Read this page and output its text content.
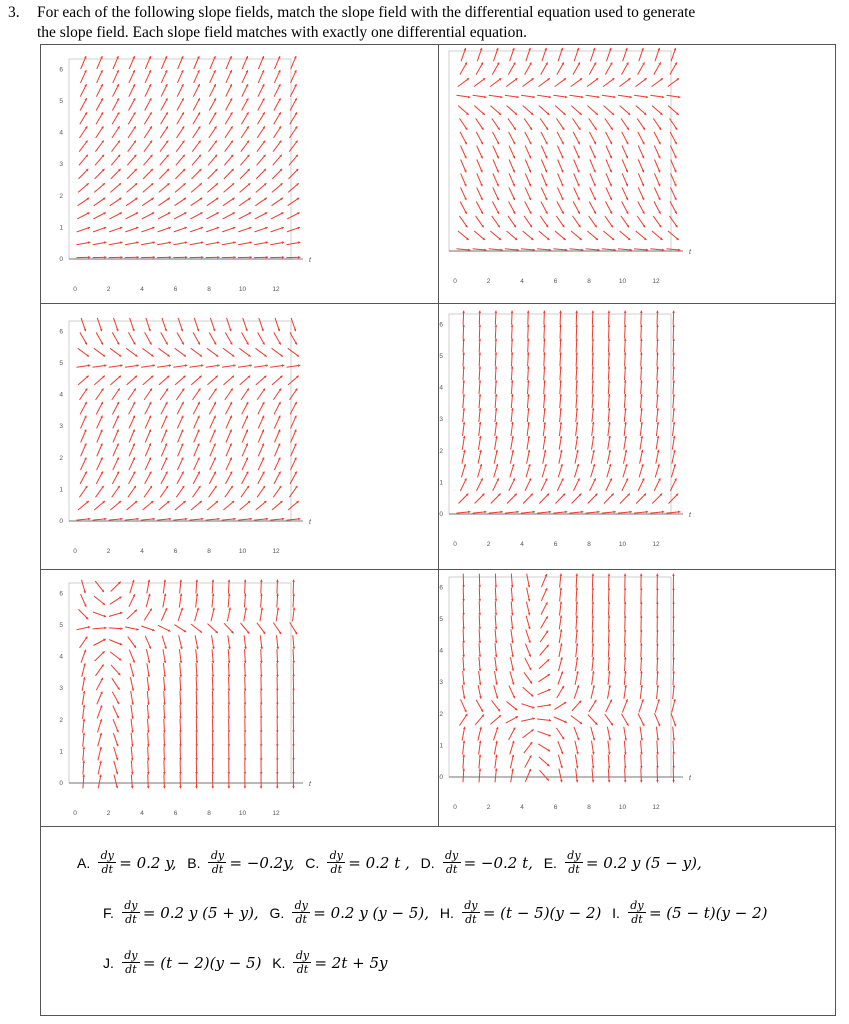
3. For each of the following slope fields, match the slope field with the differential equation used to generate
the slope field. Each slope field matches with exactly one differential equation.
t
0	2	4	6	8	10	12
0
1
2
3
4
5
6
t
0	2	4	6	8	10	12
t
0	2	4	6	8	10	12
0
1
2
3
4
5
6
t
0	2	4	6	8	10	12
0
1
2
3
4
5
6
t
0	2	4	6	8	10	12
0
1
2
3
4
5
6
t
0	2	4	6	8	10	12
0
1
2
3
4
5
6
A. $\frac{dy}{dt} = 0.2$ y,
B. $\frac{dy}{dt} = -0.2y$,
C. $\frac{dy}{dt} = 0.2$ t ,
D. $\frac{dy}{dt} = -0.2$ t,
E. $\frac{dy}{dt} = 0.2$ y (5 − y),
F. $\frac{dy}{dt} = 0.2$ y (5 + y),
G. $\frac{dy}{dt} = 0.2$ y (y − 5),
H. $\frac{dy}{dt} = (t - 5)(y - 2)$
I. $\frac{dy}{dt} = (5 - t)(y - 2)$
J. $\frac{dy}{dt} = (t - 2)(y - 5)$
K. $\frac{dy}{dt} = 2t + 5y$
